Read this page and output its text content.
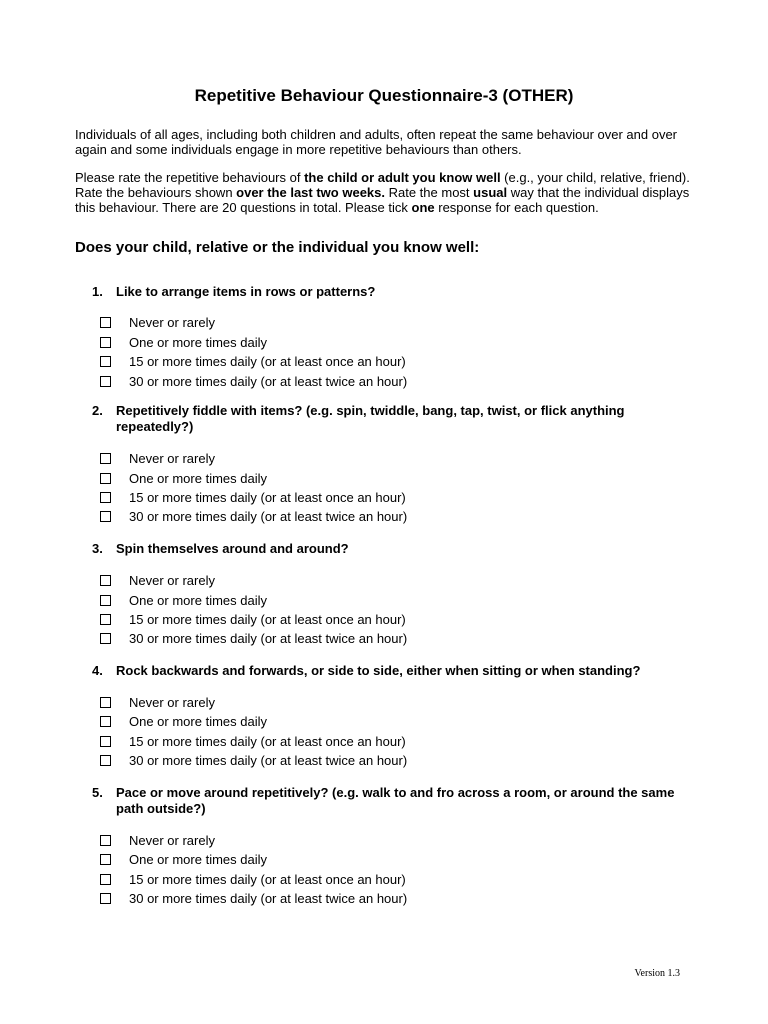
Repetitive Behaviour Questionnaire-3 (OTHER)

Individuals of all ages, including both children and adults, often repeat the same behaviour over and over again and some individuals engage in more repetitive behaviours than others.

Please rate the repetitive behaviours of the child or adult you know well (e.g., your child, relative, friend). Rate the behaviours shown over the last two weeks. Rate the most usual way that the individual displays this behaviour. There are 20 questions in total. Please tick one response for each question.

Does your child, relative or the individual you know well:
1.	Like to arrange items in rows or patterns?
Never or rarely
One or more times daily
15 or more times daily (or at least once an hour)
30 or more times daily (or at least twice an hour)
2.	Repetitively fiddle with items? (e.g. spin, twiddle, bang, tap, twist, or flick anything repeatedly?)
Never or rarely
One or more times daily
15 or more times daily (or at least once an hour)
30 or more times daily (or at least twice an hour)
3.	Spin themselves around and around?
Never or rarely
One or more times daily
15 or more times daily (or at least once an hour)
30 or more times daily (or at least twice an hour)
4.	Rock backwards and forwards, or side to side, either when sitting or when standing?
Never or rarely
One or more times daily
15 or more times daily (or at least once an hour)
30 or more times daily (or at least twice an hour)
5.	Pace or move around repetitively? (e.g. walk to and fro across a room, or around the same path outside?)
Never or rarely
One or more times daily
15 or more times daily (or at least once an hour)
30 or more times daily (or at least twice an hour)

Version 1.3
